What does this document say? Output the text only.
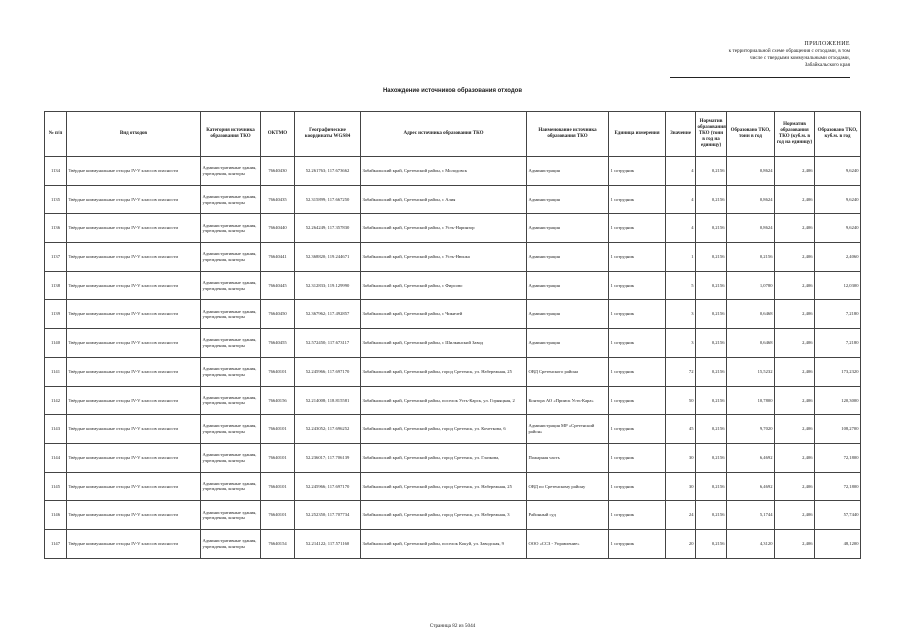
ПРИЛОЖЕНИЕ
к территориальной схеме обращения с отходами, в том
числе с твердыми коммунальными отходами,
Забайкальского края
Нахождение источников образования отходов
№ п/п	Вид отходов	Категория источника образования ТКО	ОКТМО	Географические координаты WGS84	Адрес источника образования ТКО	Наименование источника образования ТКО	Единица измерения	Значение	Норматив образования ТКО (тонн в год на единицу)	Образовано ТКО, тонн в год	Норматив образования ТКО (куб.м. в год на единицу)	Образовано ТКО, куб.м. в год
1134	Твёрдые коммунальные отходы IV-V классов опасности	Административные здания, учреждения, конторы	76640430	52.261763; 117.673662	Забайкальский край, Сретенский район, с Молодовск	Администрация	1 сотрудник	4	0,2156	0,8624	2,406	9,6240
1135	Твёрдые коммунальные отходы IV-V классов опасности	Административные здания, учреждения, конторы	76640435	52.315899; 117.667250	Забайкальский край, Сретенский район, с Алия	Администрация	1 сотрудник	4	0,2156	0,8624	2,406	9,6240
1136	Твёрдые коммунальные отходы IV-V классов опасности	Административные здания, учреждения, конторы	76640440	52.264249; 117.357830	Забайкальский край, Сретенский район, с Усть-Наринзор	Администрация	1 сотрудник	4	0,2156	0,8624	2,406	9,6240
1137	Твёрдые коммунальные отходы IV-V классов опасности	Административные здания, учреждения, конторы	76640441	52.368820; 119.244671	Забайкальский край, Сретенский район, с Усть-Нюкжа	Администрация	1 сотрудник	1	0,2156	0,2156	2,406	2,4060
1138	Твёрдые коммунальные отходы IV-V классов опасности	Административные здания, учреждения, конторы	76640445	52.312833; 119.129990	Забайкальский край, Сретенский район, с Фирсово	Администрация	1 сотрудник	5	0,2156	1,0780	2,406	12,0300
1139	Твёрдые коммунальные отходы IV-V классов опасности	Административные здания, учреждения, конторы	76640450	52.367962; 117.492857	Забайкальский край, Сретенский район, с Чикичей	Администрация	1 сотрудник	3	0,2156	0,6468	2,406	7,2180
1140	Твёрдые коммунальные отходы IV-V классов опасности	Административные здания, учреждения, конторы	76640455	52.572450; 117.673117	Забайкальский край, Сретенский район, с Шилкинский Завод	Администрация	1 сотрудник	3	0,2156	0,6468	2,406	7,2180
1141	Твёрдые коммунальные отходы IV-V классов опасности	Административные здания, учреждения, конторы	76640101	52.245966; 117.697170	Забайкальский край, Сретенский район, город Сретенск, ул. Набережная, 25	ОВД Сретенского района	1 сотрудник	72	0,2156	15,5232	2,406	173,2320
1142	Твёрдые коммунальные отходы IV-V классов опасности	Административные здания, учреждения, конторы	76640156	52.214008; 118.815581	Забайкальский край, Сретенский район, поселок Усть-Карск, ул. Горняцкая, 2	Контора АО «Прииск Усть-Кара»	1 сотрудник	50	0,2156	10,7800	2,406	120,3000
1143	Твёрдые коммунальные отходы IV-V классов опасности	Административные здания, учреждения, конторы	76640101	52.243052; 117.696252	Забайкальский край, Сретенский район, город Сретенск, ул. Кочеткова, 6	Администрация МР «Сретенский район»	1 сотрудник	45	0,2156	9,7020	2,406	108,2700
1144	Твёрдые коммунальные отходы IV-V классов опасности	Административные здания, учреждения, конторы	76640101	52.236017; 117.706139	Забайкальский край, Сретенский район, город Сретенск, ул. Глазкова,	Пожарная часть	1 сотрудник	30	0,2156	6,4692	2,406	72,1800
1145	Твёрдые коммунальные отходы IV-V классов опасности	Административные здания, учреждения, конторы	76640101	52.245966; 117.697170	Забайкальский край, Сретенский район, город Сретенск, ул. Набережная, 25	ОВД по Сретенскому району	1 сотрудник	30	0,2156	6,4692	2,406	72,1800
1146	Твёрдые коммунальные отходы IV-V классов опасности	Административные здания, учреждения, конторы	76640101	52.252350; 117.707734	Забайкальский край, Сретенский район, город Сретенск, ул. Набережная, 3	Районный суд	1 сотрудник	24	0,2156	5,1744	2,406	57,7440
1147	Твёрдые коммунальные отходы IV-V классов опасности	Административные здания, учреждения, конторы	76640154	52.214122; 117.571160	Забайкальский край, Сретенский район, поселок Кокуй, ул. Заводская, 9	ООО «ССЗ - Управление»	1 сотрудник	20	0,2156	4,3120	2,406	48,1200
Страница 82 из 5044
